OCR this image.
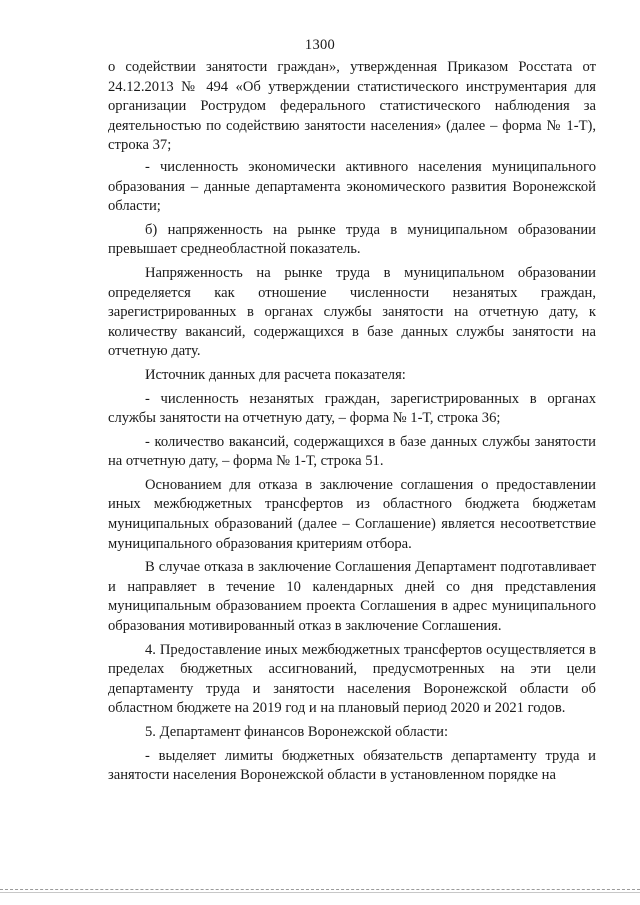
1300

о содействии занятости граждан», утвержденная Приказом Росстата от 24.12.2013 № 494 «Об утверждении статистического инструментария для организации Рострудом федерального статистического наблюдения за деятельностью по содействию занятости населения» (далее – форма № 1-Т), строка 37;

- численность экономически активного населения муниципального образования – данные департамента экономического развития Воронежской области;

б) напряженность на рынке труда в муниципальном образовании превышает среднеобластной показатель.

Напряженность на рынке труда в муниципальном образовании определяется как отношение численности незанятых граждан, зарегистрированных в органах службы занятости на отчетную дату, к количеству вакансий, содержащихся в базе данных службы занятости на отчетную дату.

Источник данных для расчета показателя:

- численность незанятых граждан, зарегистрированных в органах службы занятости на отчетную дату, – форма № 1-Т, строка 36;

- количество вакансий, содержащихся в базе данных службы занятости на отчетную дату, – форма № 1-Т, строка 51.

Основанием для отказа в заключение соглашения о предоставлении иных межбюджетных трансфертов из областного бюджета бюджетам муниципальных образований (далее – Соглашение) является несоответствие муниципального образования критериям отбора.

В случае отказа в заключение Соглашения Департамент подготавливает и направляет в течение 10 календарных дней со дня представления муниципальным образованием проекта Соглашения в адрес муниципального образования мотивированный отказ в заключение Соглашения.

4. Предоставление иных межбюджетных трансфертов осуществляется в пределах бюджетных ассигнований, предусмотренных на эти цели департаменту труда и занятости населения Воронежской области об областном бюджете на 2019 год и на плановый период 2020 и 2021 годов.

5. Департамент финансов Воронежской области:

- выделяет лимиты бюджетных обязательств департаменту труда и занятости населения Воронежской области в установленном порядке на
